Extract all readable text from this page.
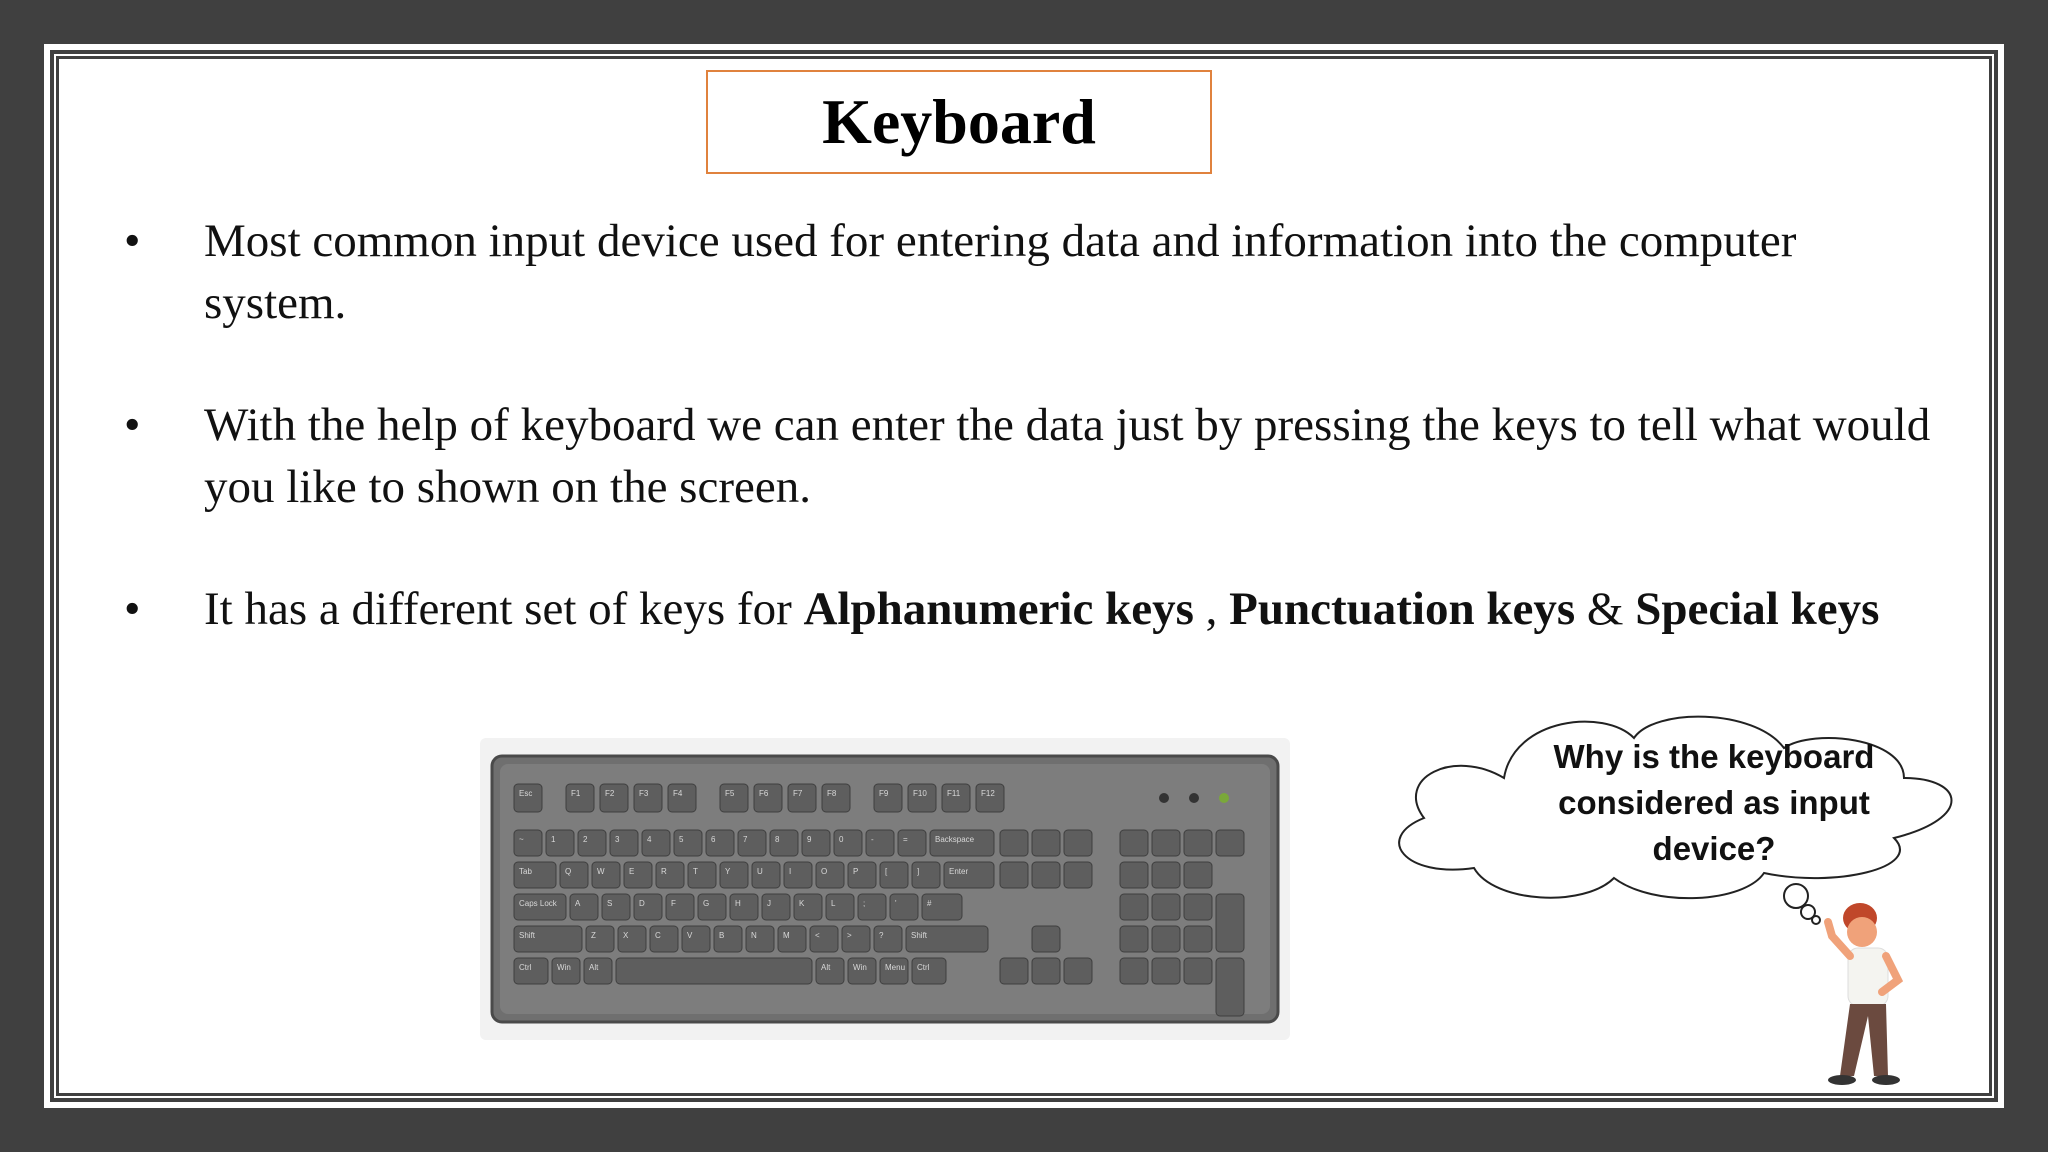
Keyboard
• Most common input device used for entering data and information into the computer system.
• With the help of keyboard we can enter the data just by pressing the keys to tell what would you like to shown on the screen.
• It has a different set of keys for Alphanumeric keys , Punctuation keys & Special keys
Esc	F1	F2	F3	F4	F5	F6	F7	F8	F9	F10	F11	F12
~	1	2	3	4	5	6	7	8	9	0	-	=	Backspace
Tab	Q	W	E	R	T	Y	U	I	O	P	[	]	Enter
Caps Lock A	S	D	F	G	H	J	K	L	;	'	#
Shift	Z	X	C	V	B	N	M	<	>	?	Shift
Ctrl	Win Alt	Alt	Win Menu Ctrl
Why is the keyboard considered as input device?
